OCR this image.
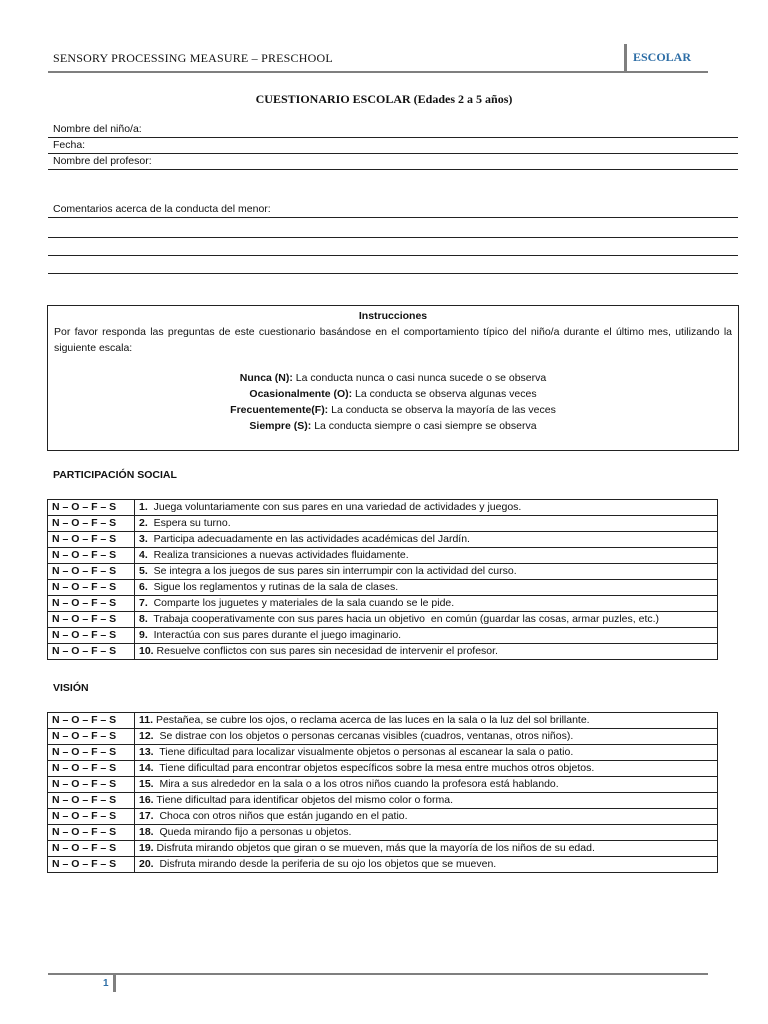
SENSORY PROCESSING MEASURE – PRESCHOOL	ESCOLAR
CUESTIONARIO ESCOLAR (Edades 2 a 5 años)
Nombre del niño/a:
Fecha:
Nombre del profesor:
Comentarios acerca de la conducta del menor:
Instrucciones
Por favor responda las preguntas de este cuestionario basándose en el comportamiento típico del niño/a durante el último mes, utilizando la siguiente escala:
Nunca (N): La conducta nunca o casi nunca sucede o se observa
Ocasionalmente (O): La conducta se observa algunas veces
Frecuentemente(F): La conducta se observa la mayoría de las veces
Siempre (S): La conducta siempre o casi siempre se observa
PARTICIPACIÓN SOCIAL
N – O – F – S	1.  Juega voluntariamente con sus pares en una variedad de actividades y juegos.
N – O – F – S	2.  Espera su turno.
N – O – F – S	3.  Participa adecuadamente en las actividades académicas del Jardín.
N – O – F – S	4.  Realiza transiciones a nuevas actividades fluidamente.
N – O – F – S	5.  Se integra a los juegos de sus pares sin interrumpir con la actividad del curso.
N – O – F – S	6.  Sigue los reglamentos y rutinas de la sala de clases.
N – O – F – S	7.  Comparte los juguetes y materiales de la sala cuando se le pide.
N – O – F – S	8.  Trabaja cooperativamente con sus pares hacia un objetivo  en común (guardar las cosas, armar puzles, etc.)
N – O – F – S	9.  Interactúa con sus pares durante el juego imaginario.
N – O – F – S	10. Resuelve conflictos con sus pares sin necesidad de intervenir el profesor.
VISIÓN
N – O – F – S	11. Pestañea, se cubre los ojos, o reclama acerca de las luces en la sala o la luz del sol brillante.
N – O – F – S	12.  Se distrae con los objetos o personas cercanas visibles (cuadros, ventanas, otros niños).
N – O – F – S	13.  Tiene dificultad para localizar visualmente objetos o personas al escanear la sala o patio.
N – O – F – S	14.  Tiene dificultad para encontrar objetos específicos sobre la mesa entre muchos otros objetos.
N – O – F – S	15.  Mira a sus alrededor en la sala o a los otros niños cuando la profesora está hablando.
N – O – F – S	16. Tiene dificultad para identificar objetos del mismo color o forma.
N – O – F – S	17.  Choca con otros niños que están jugando en el patio.
N – O – F – S	18.  Queda mirando fijo a personas u objetos.
N – O – F – S	19. Disfruta mirando objetos que giran o se mueven, más que la mayoría de los niños de su edad.
N – O – F – S	20.  Disfruta mirando desde la periferia de su ojo los objetos que se mueven.
1
